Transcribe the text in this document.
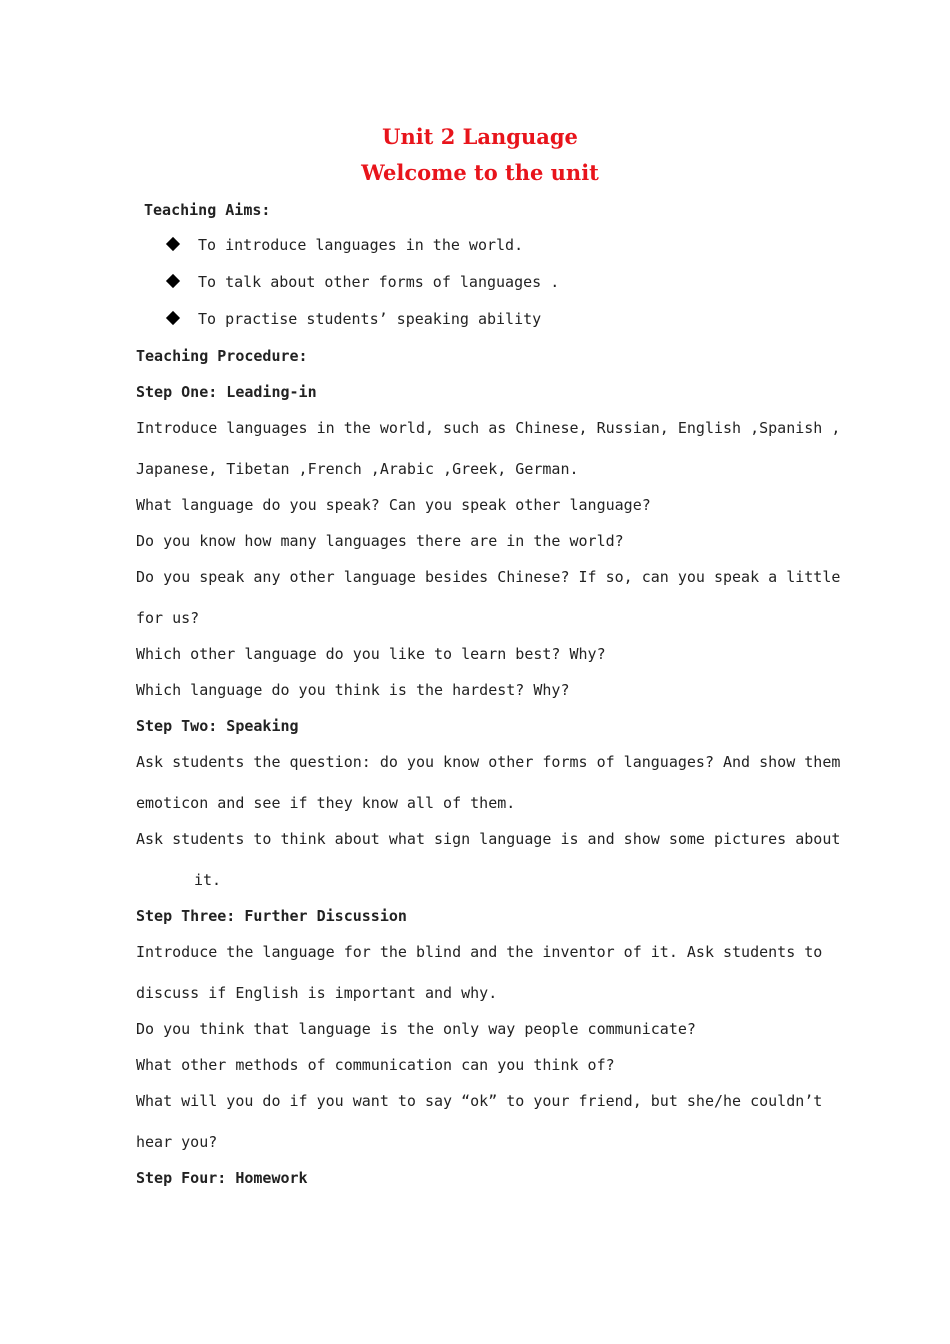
Unit 2 Language
Welcome to the unit
Teaching Aims:
To introduce languages in the world.
To talk about other forms of languages .
To practise students’ speaking ability
Teaching Procedure:
Step One: Leading-in
Introduce languages in the world, such as Chinese, Russian, English ,Spanish ,
Japanese, Tibetan ,French ,Arabic ,Greek, German.
What language do you speak? Can you speak other language?
Do you know how many languages there are in the world?
Do you speak any other language besides Chinese? If so, can you speak a little
for us?
Which other language do you like to learn best? Why?
Which language do you think is the hardest? Why?
Step Two: Speaking
Ask students the question: do you know other forms of languages? And show them
emoticon and see if they know all of them.
Ask students to think about what sign language is and show some pictures about
it.
Step Three: Further Discussion
Introduce the language for the blind and the inventor of it. Ask students to
discuss if English is important and why.
Do you think that language is the only way people communicate?
What other methods of communication can you think of?
What will you do if you want to say “ok” to your friend, but she/he couldn’t
hear you?
Step Four: Homework
